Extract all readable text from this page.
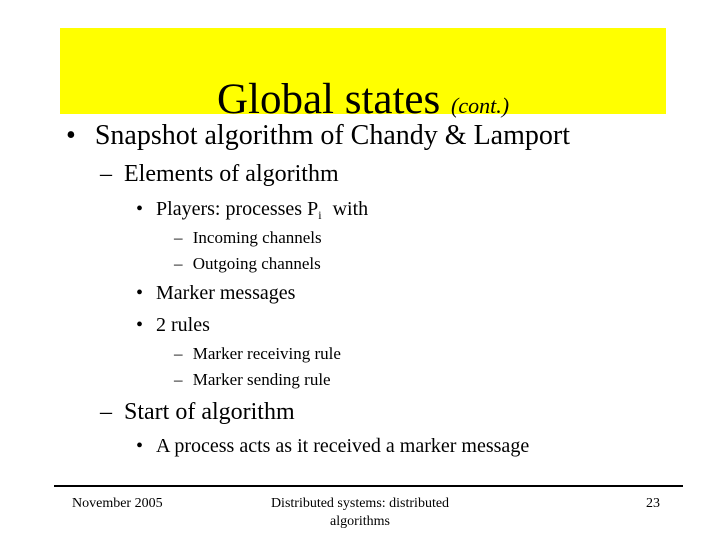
Global states (cont.)
• Snapshot algorithm of Chandy & Lamport
– Elements of algorithm
• Players: processes $P_i$ with
– Incoming channels
– Outgoing channels
• Marker messages
• 2 rules
– Marker receiving rule
– Marker sending rule
– Start of algorithm
• A process acts as it received a marker message
November 2005	Distributed systems: distributed
algorithms
23
